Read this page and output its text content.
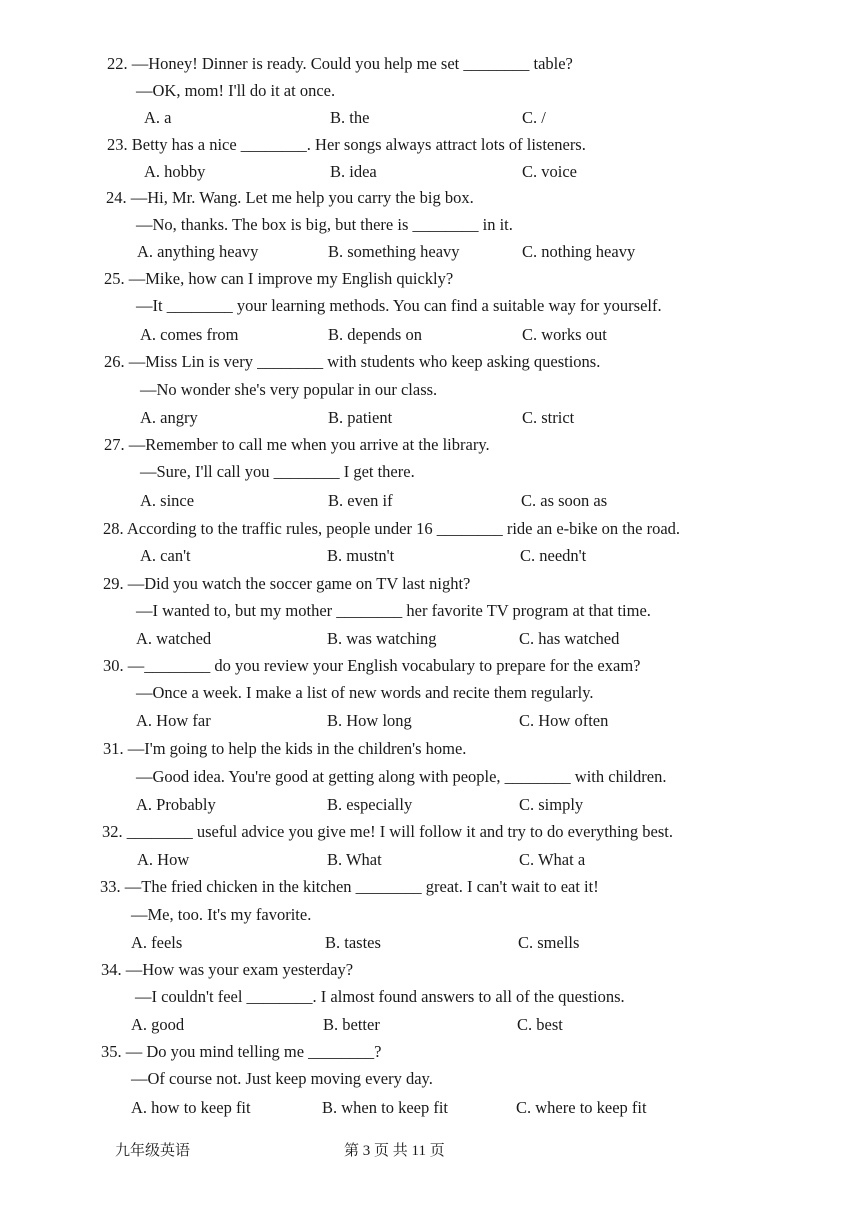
22. —Honey! Dinner is ready. Could you help me set ________ table?
—OK, mom! I'll do it at once.
A. a	B. the	C. /
23. Betty has a nice ________. Her songs always attract lots of listeners.
A. hobby	B. idea	C. voice
24. —Hi, Mr. Wang. Let me help you carry the big box.
—No, thanks. The box is big, but there is ________ in it.
A. anything heavy	B. something heavy	C. nothing heavy
25. —Mike, how can I improve my English quickly?
—It ________ your learning methods. You can find a suitable way for yourself.
A. comes from	B. depends on	C. works out
26. —Miss Lin is very ________ with students who keep asking questions.
—No wonder she's very popular in our class.
A. angry	B. patient	C. strict
27. —Remember to call me when you arrive at the library.
—Sure, I'll call you ________ I get there.
A. since	B. even if	C. as soon as
28. According to the traffic rules, people under 16 ________ ride an e-bike on the road.
A. can't	B. mustn't	C. needn't
29. —Did you watch the soccer game on TV last night?
—I wanted to, but my mother ________ her favorite TV program at that time.
A. watched	B. was watching	C. has watched
30. —________ do you review your English vocabulary to prepare for the exam?
—Once a week. I make a list of new words and recite them regularly.
A. How far	B. How long	C. How often
31. —I'm going to help the kids in the children's home.
—Good idea. You're good at getting along with people, ________ with children.
A. Probably	B. especially	C. simply
32. ________ useful advice you give me! I will follow it and try to do everything best.
A. How	B. What	C. What a
33. —The fried chicken in the kitchen ________ great. I can't wait to eat it!
—Me, too. It's my favorite.
A. feels	B. tastes	C. smells
34. —How was your exam yesterday?
—I couldn't feel ________. I almost found answers to all of the questions.
A. good	B. better	C. best
35. — Do you mind telling me ________?
—Of course not. Just keep moving every day.
A. how to keep fit	B. when to keep fit	C. where to keep fit
九年级英语	第 3 页 共 11 页
